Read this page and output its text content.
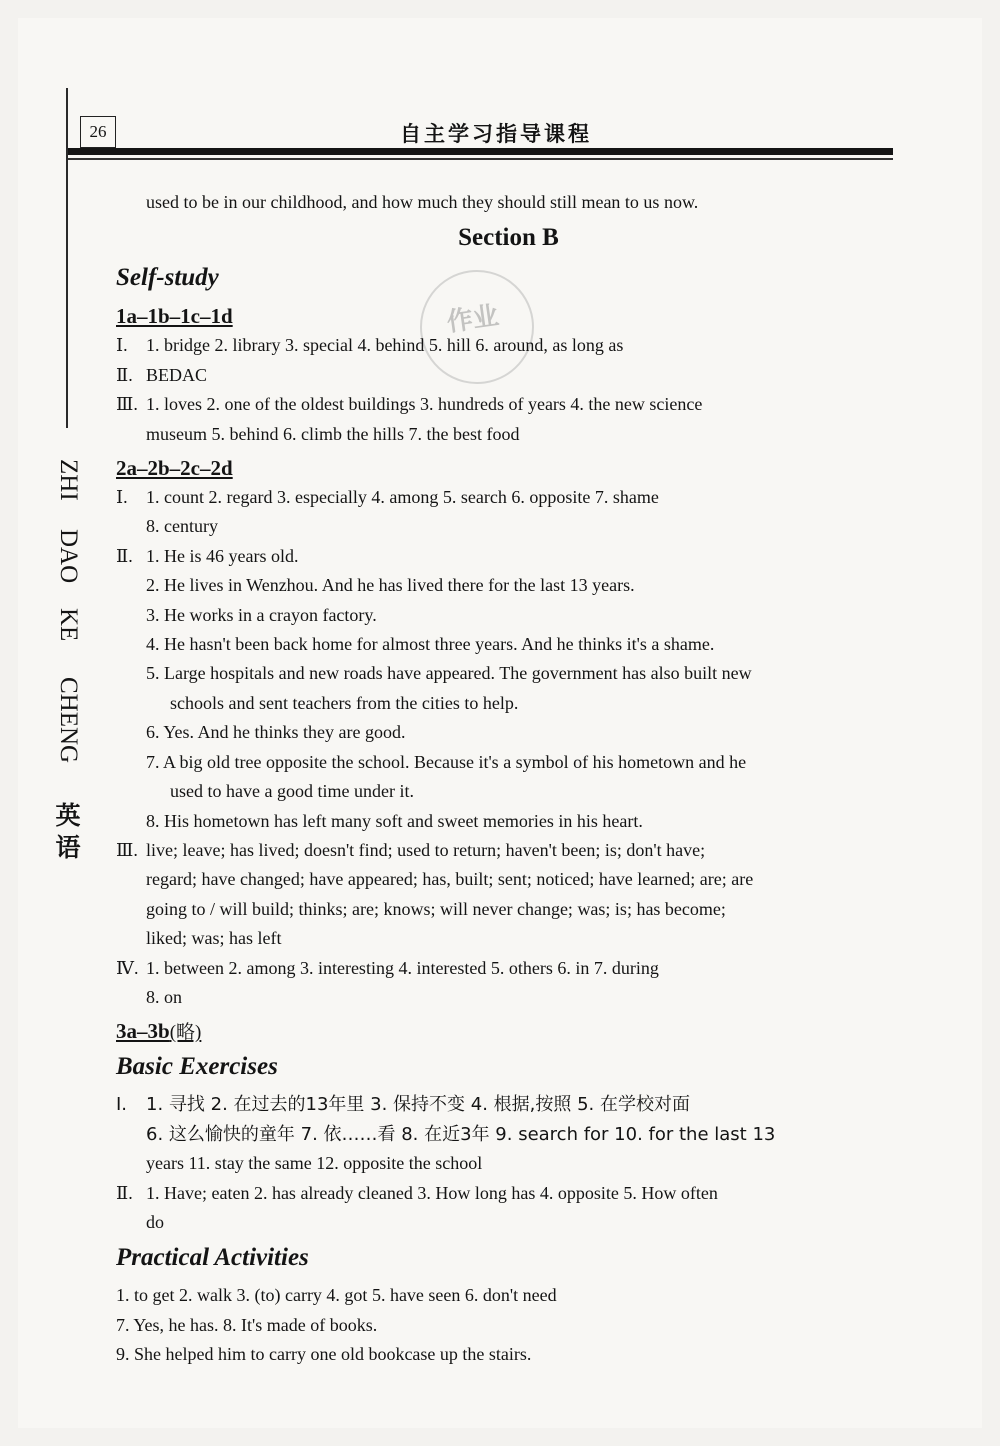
26	自主学习指导课程
ZHI
DAO
KE
CHENG
英
语
作业
used to be in our childhood, and how much they should still mean to us now.
Section B
Self-study
1a–1b–1c–1d
Ⅰ.	1. bridge 2. library 3. special 4. behind 5. hill 6. around, as long as
Ⅱ. BEDAC
Ⅲ. 1. loves 2. one of the oldest buildings 3. hundreds of years 4. the new science
museum 5. behind 6. climb the hills 7. the best food
2a–2b–2c–2d
Ⅰ.	1. count 2. regard 3. especially 4. among 5. search 6. opposite 7. shame
8. century
Ⅱ. 1. He is 46 years old.
2. He lives in Wenzhou. And he has lived there for the last 13 years.
3. He works in a crayon factory.
4. He hasn't been back home for almost three years. And he thinks it's a shame.
5. Large hospitals and new roads have appeared. The government has also built new
schools and sent teachers from the cities to help.
6. Yes. And he thinks they are good.
7. A big old tree opposite the school. Because it's a symbol of his hometown and he
used to have a good time under it.
8. His hometown has left many soft and sweet memories in his heart.
Ⅲ. live; leave; has lived; doesn't find; used to return; haven't been; is; don't have;
regard; have changed; have appeared; has, built; sent; noticed; have learned; are; are
going to / will build; thinks; are; knows; will never change; was; is; has become;
liked; was; has left
Ⅳ. 1. between 2. among 3. interesting 4. interested 5. others 6. in 7. during
8. on
3a–3b(略)
Basic Exercises
Ⅰ.	1. 寻找 2. 在过去的13年里 3. 保持不变 4. 根据,按照 5. 在学校对面
6. 这么愉快的童年 7. 依……看 8. 在近3年 9. search for 10. for the last 13
years 11. stay the same 12. opposite the school
Ⅱ. 1. Have; eaten 2. has already cleaned 3. How long has 4. opposite 5. How often
do
Practical Activities
1. to get 2. walk 3. (to) carry 4. got 5. have seen 6. don't need
7. Yes, he has. 8. It's made of books.
9. She helped him to carry one old bookcase up the stairs.
